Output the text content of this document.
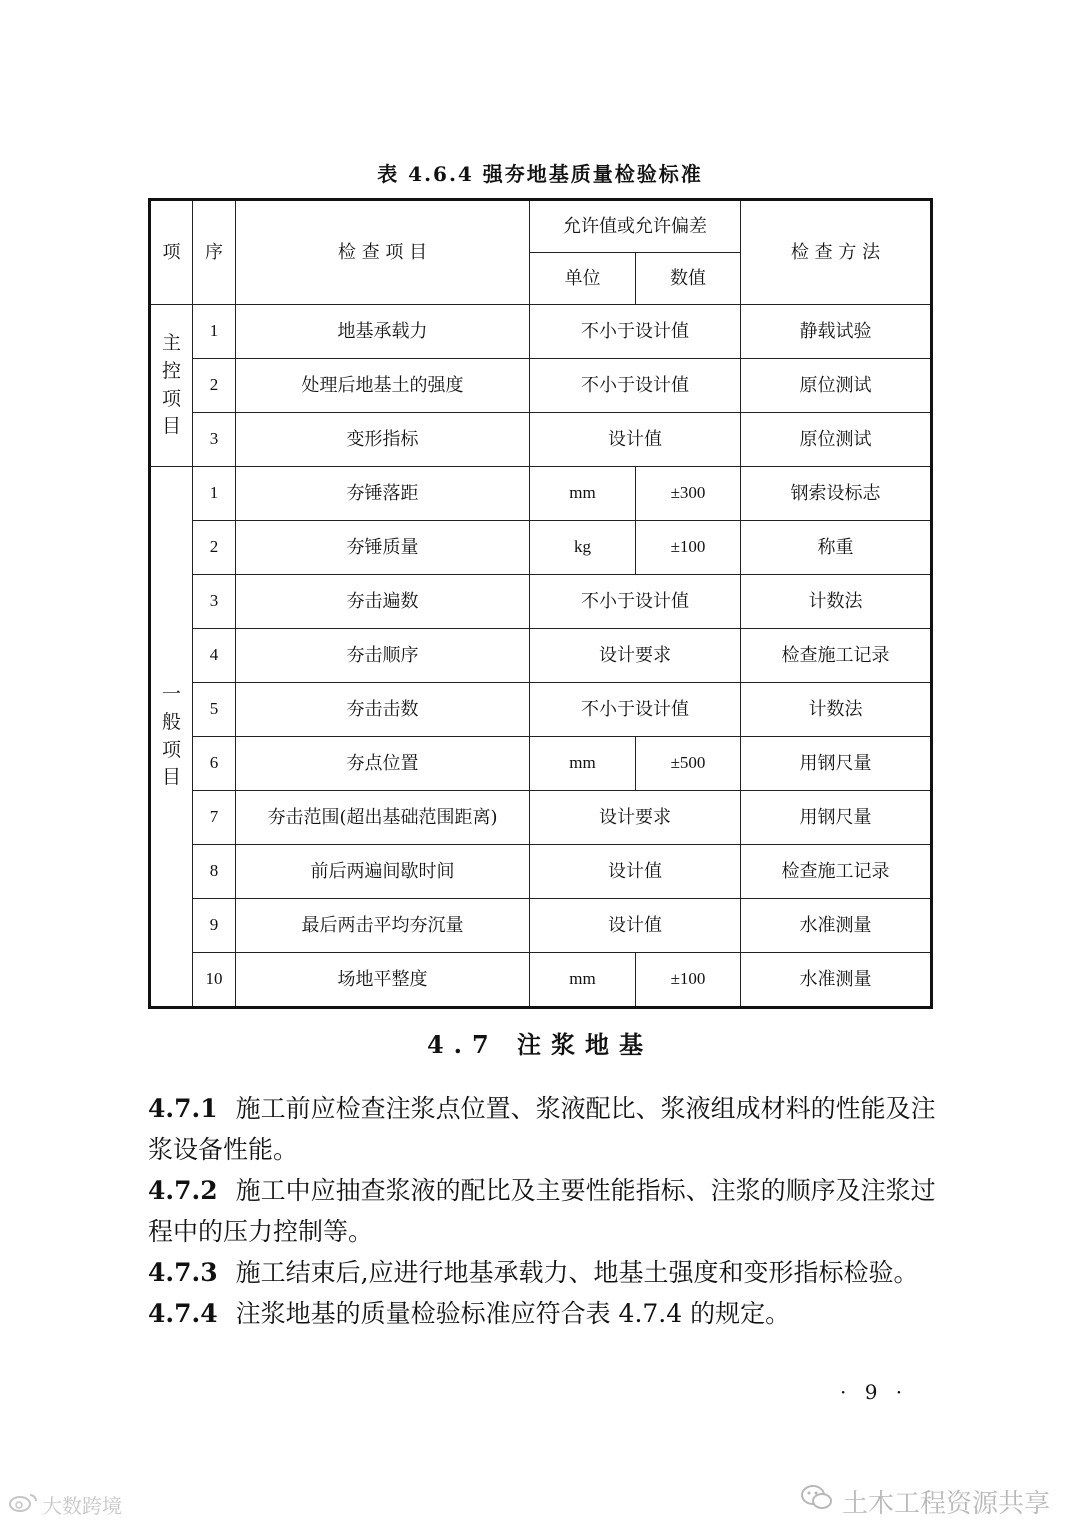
表 4.6.4 强夯地基质量检验标准
项	序	检 查 项 目	允许值或允许偏差		检 查 方 法
			单位	数值	

主
控
项
目	1	地基承载力	不小于设计值		静载试验
	2	处理后地基土的强度	不小于设计值		原位测试
	3	变形指标	设计值		原位测试

一
般
项
目	1	夯锤落距	mm	±300	钢索设标志
	2	夯锤质量	kg	±100	称重
	3	夯击遍数	不小于设计值		计数法
	4	夯击顺序	设计要求		检查施工记录
	5	夯击击数	不小于设计值		计数法
	6	夯点位置	mm	±500	用钢尺量
	7	夯击范围(超出基础范围距离)	设计要求		用钢尺量
	8	前后两遍间歇时间	设计值		检查施工记录
	9	最后两击平均夯沉量	设计值		水准测量
	10	场地平整度	mm	±100	水准测量
4.7 注浆地基

4.7.1 施工前应检查注浆点位置、浆液配比、浆液组成材料的性能及注浆设备性能。

4.7.2 施工中应抽查浆液的配比及主要性能指标、注浆的顺序及注浆过程中的压力控制等。

4.7.3 施工结束后,应进行地基承载力、地基土强度和变形指标检验。

4.7.4 注浆地基的质量检验标准应符合表 4.7.4 的规定。

· 9 ·
大数跨境	土木工程资源共享
